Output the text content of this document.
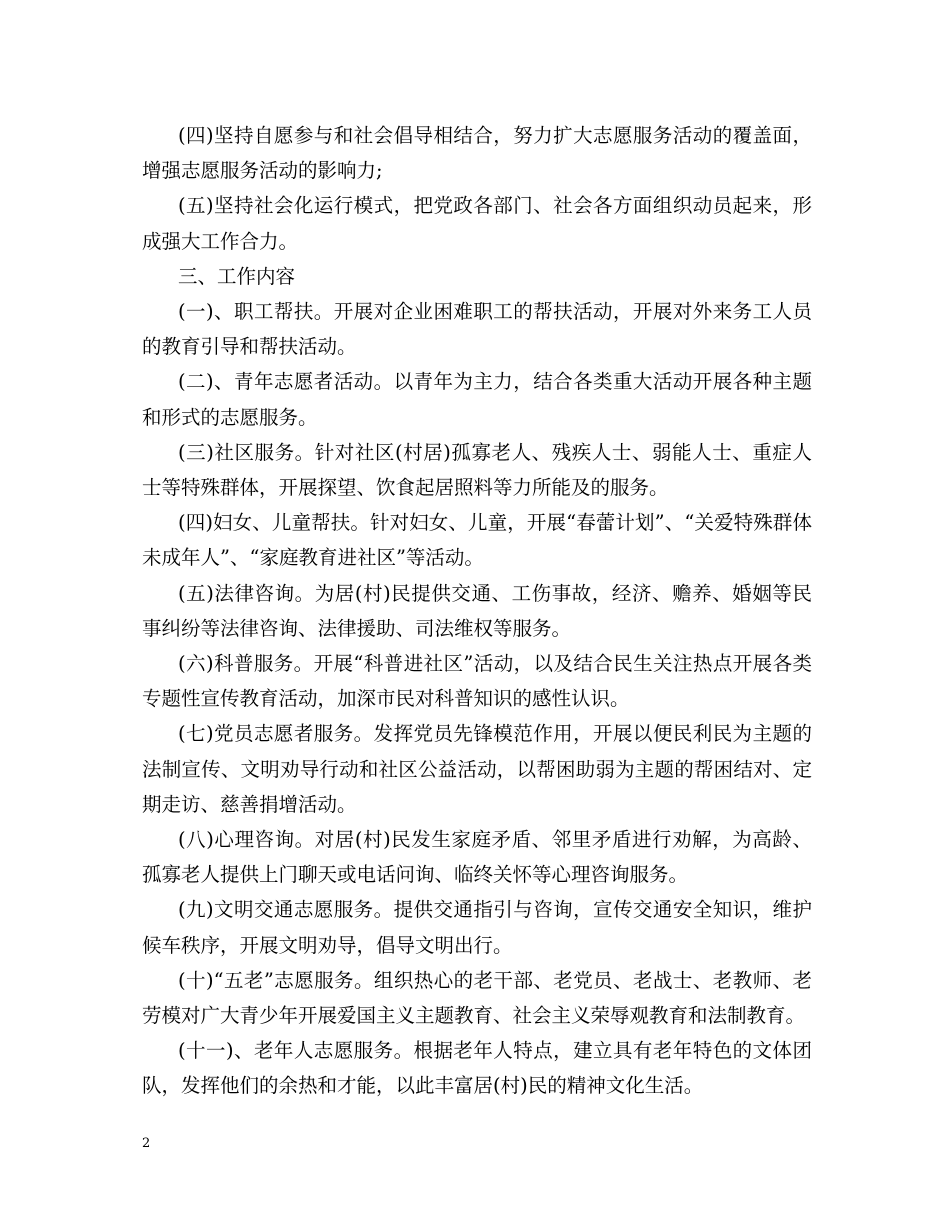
(四)坚持自愿参与和社会倡导相结合，努力扩大志愿服务活动的覆盖面，增强志愿服务活动的影响力;

(五)坚持社会化运行模式，把党政各部门、社会各方面组织动员起来，形成强大工作合力。

三、工作内容

(一)、职工帮扶。开展对企业困难职工的帮扶活动，开展对外来务工人员的教育引导和帮扶活动。

(二)、青年志愿者活动。以青年为主力，结合各类重大活动开展各种主题和形式的志愿服务。

(三)社区服务。针对社区(村居)孤寡老人、残疾人士、弱能人士、重症人士等特殊群体，开展探望、饮食起居照料等力所能及的服务。

(四)妇女、儿童帮扶。针对妇女、儿童，开展“春蕾计划”、“关爱特殊群体未成年人”、“家庭教育进社区”等活动。

(五)法律咨询。为居(村)民提供交通、工伤事故，经济、赡养、婚姻等民事纠纷等法律咨询、法律援助、司法维权等服务。

(六)科普服务。开展“科普进社区”活动，以及结合民生关注热点开展各类专题性宣传教育活动，加深市民对科普知识的感性认识。

(七)党员志愿者服务。发挥党员先锋模范作用，开展以便民利民为主题的法制宣传、文明劝导行动和社区公益活动，以帮困助弱为主题的帮困结对、定期走访、慈善捐增活动。

(八)心理咨询。对居(村)民发生家庭矛盾、邻里矛盾进行劝解，为高龄、孤寡老人提供上门聊天或电话问询、临终关怀等心理咨询服务。

(九)文明交通志愿服务。提供交通指引与咨询，宣传交通安全知识，维护候车秩序，开展文明劝导，倡导文明出行。

(十)“五老”志愿服务。组织热心的老干部、老党员、老战士、老教师、老劳模对广大青少年开展爱国主义主题教育、社会主义荣辱观教育和法制教育。

(十一)、老年人志愿服务。根据老年人特点，建立具有老年特色的文体团队，发挥他们的余热和才能，以此丰富居(村)民的精神文化生活。

2
